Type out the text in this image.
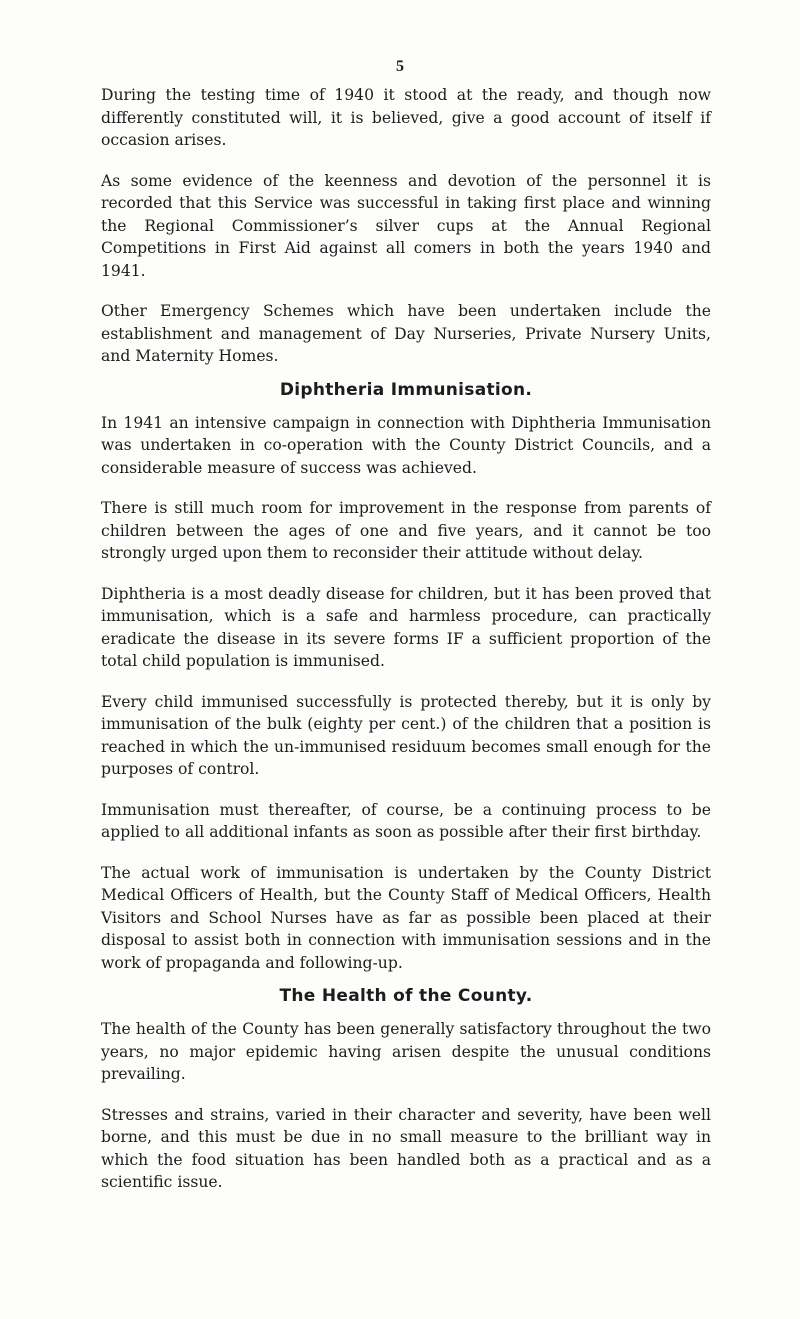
5

During the testing time of 1940 it stood at the ready, and though now differently constituted will, it is believed, give a good account of itself if occasion arises.

As some evidence of the keenness and devotion of the personnel it is recorded that this Service was successful in taking first place and winning the Regional Commissioner’s silver cups at the Annual Regional Competitions in First Aid against all comers in both the years 1940 and 1941.

Other Emergency Schemes which have been undertaken include the establishment and management of Day Nurseries, Private Nursery Units, and Maternity Homes.

Diphtheria Immunisation.

In 1941 an intensive campaign in connection with Diphtheria Immunisation was undertaken in co-operation with the County District Councils, and a considerable measure of success was achieved.

There is still much room for improvement in the response from parents of children between the ages of one and five years, and it cannot be too strongly urged upon them to reconsider their attitude without delay.

Diphtheria is a most deadly disease for children, but it has been proved that immunisation, which is a safe and harmless procedure, can practically eradicate the disease in its severe forms IF a sufficient proportion of the total child population is immunised.

Every child immunised successfully is protected thereby, but it is only by immunisation of the bulk (eighty per cent.) of the children that a position is reached in which the un-immunised residuum becomes small enough for the purposes of control.

Immunisation must thereafter, of course, be a continuing process to be applied to all additional infants as soon as possible after their first birthday.

The actual work of immunisation is undertaken by the County District Medical Officers of Health, but the County Staff of Medical Officers, Health Visitors and School Nurses have as far as possible been placed at their disposal to assist both in connection with immunisation sessions and in the work of propaganda and following-up.

The Health of the County.

The health of the County has been generally satisfactory throughout the two years, no major epidemic having arisen despite the unusual conditions prevailing.

Stresses and strains, varied in their character and severity, have been well borne, and this must be due in no small measure to the brilliant way in which the food situation has been handled both as a practical and as a scientific issue.
